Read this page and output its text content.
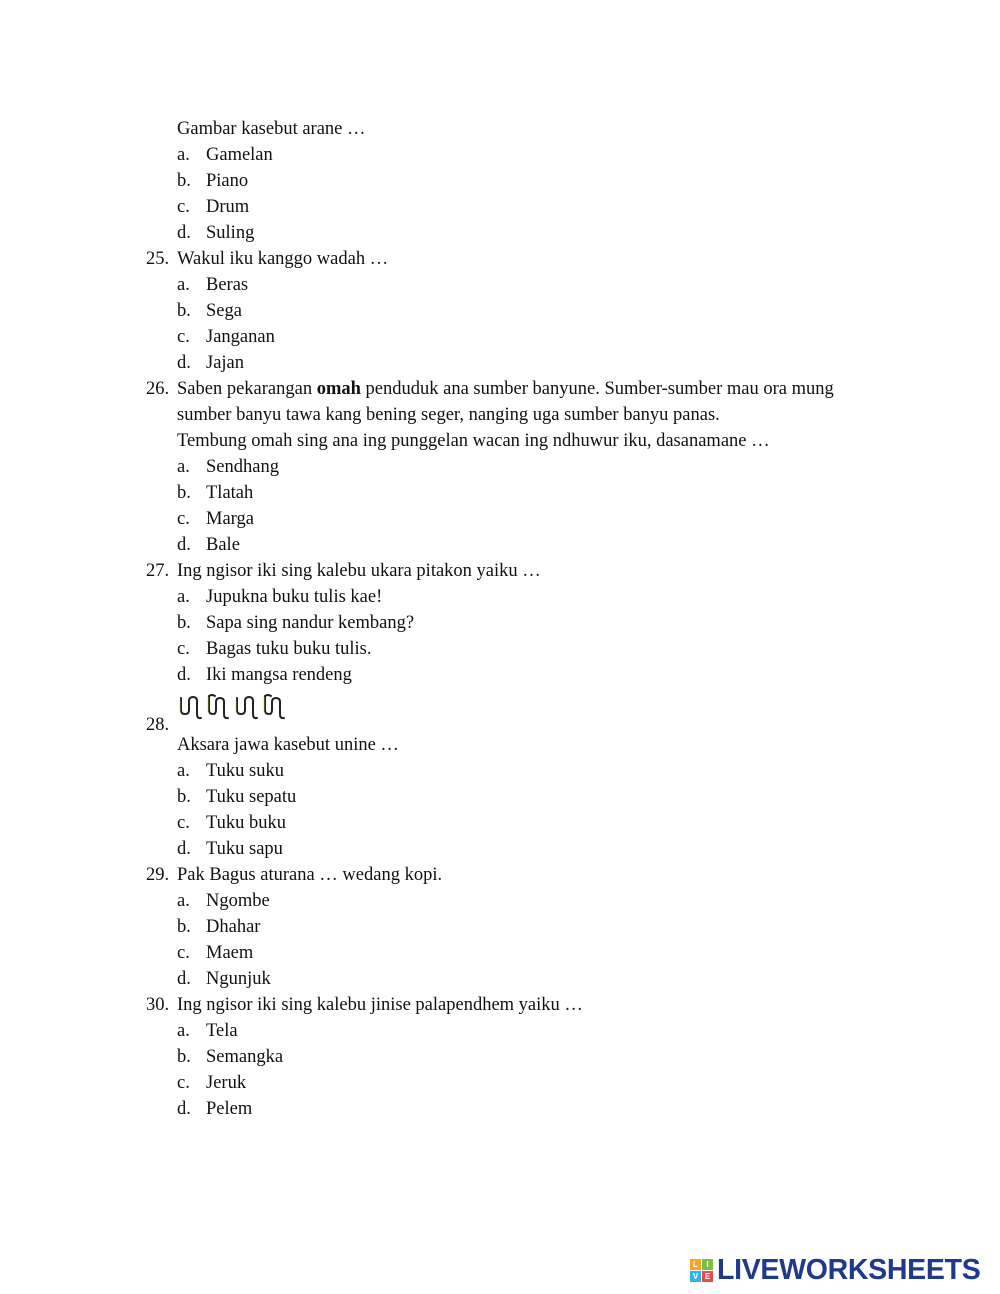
Gambar kasebut arane …
a. Gamelan
b. Piano
c. Drum
d. Suling
25. Wakul iku kanggo wadah …
a. Beras
b. Sega
c. Janganan
d. Jajan
26. Saben pekarangan omah penduduk ana sumber banyune. Sumber-sumber mau ora mung
sumber banyu tawa kang bening seger, nanging uga sumber banyu panas.
Tembung omah sing ana ing punggelan wacan ing ndhuwur iku, dasanamane …
a. Sendhang
b. Tlatah
c. Marga
d. Bale
27. Ing ngisor iki sing kalebu ukara pitakon yaiku …
a. Jupukna buku tulis kae!
b. Sapa sing nandur kembang?
c. Bagas tuku buku tulis.
d. Iki mangsa rendeng
28.
Aksara jawa kasebut unine …
a. Tuku suku
b. Tuku sepatu
c. Tuku buku
d. Tuku sapu
29. Pak Bagus aturana … wedang kopi.
a. Ngombe
b. Dhahar
c. Maem
d. Ngunjuk
30. Ing ngisor iki sing kalebu jinise palapendhem yaiku …
a. Tela
b. Semangka
c. Jeruk
d. Pelem
L	I
V E LIVEWORKSHEETS
